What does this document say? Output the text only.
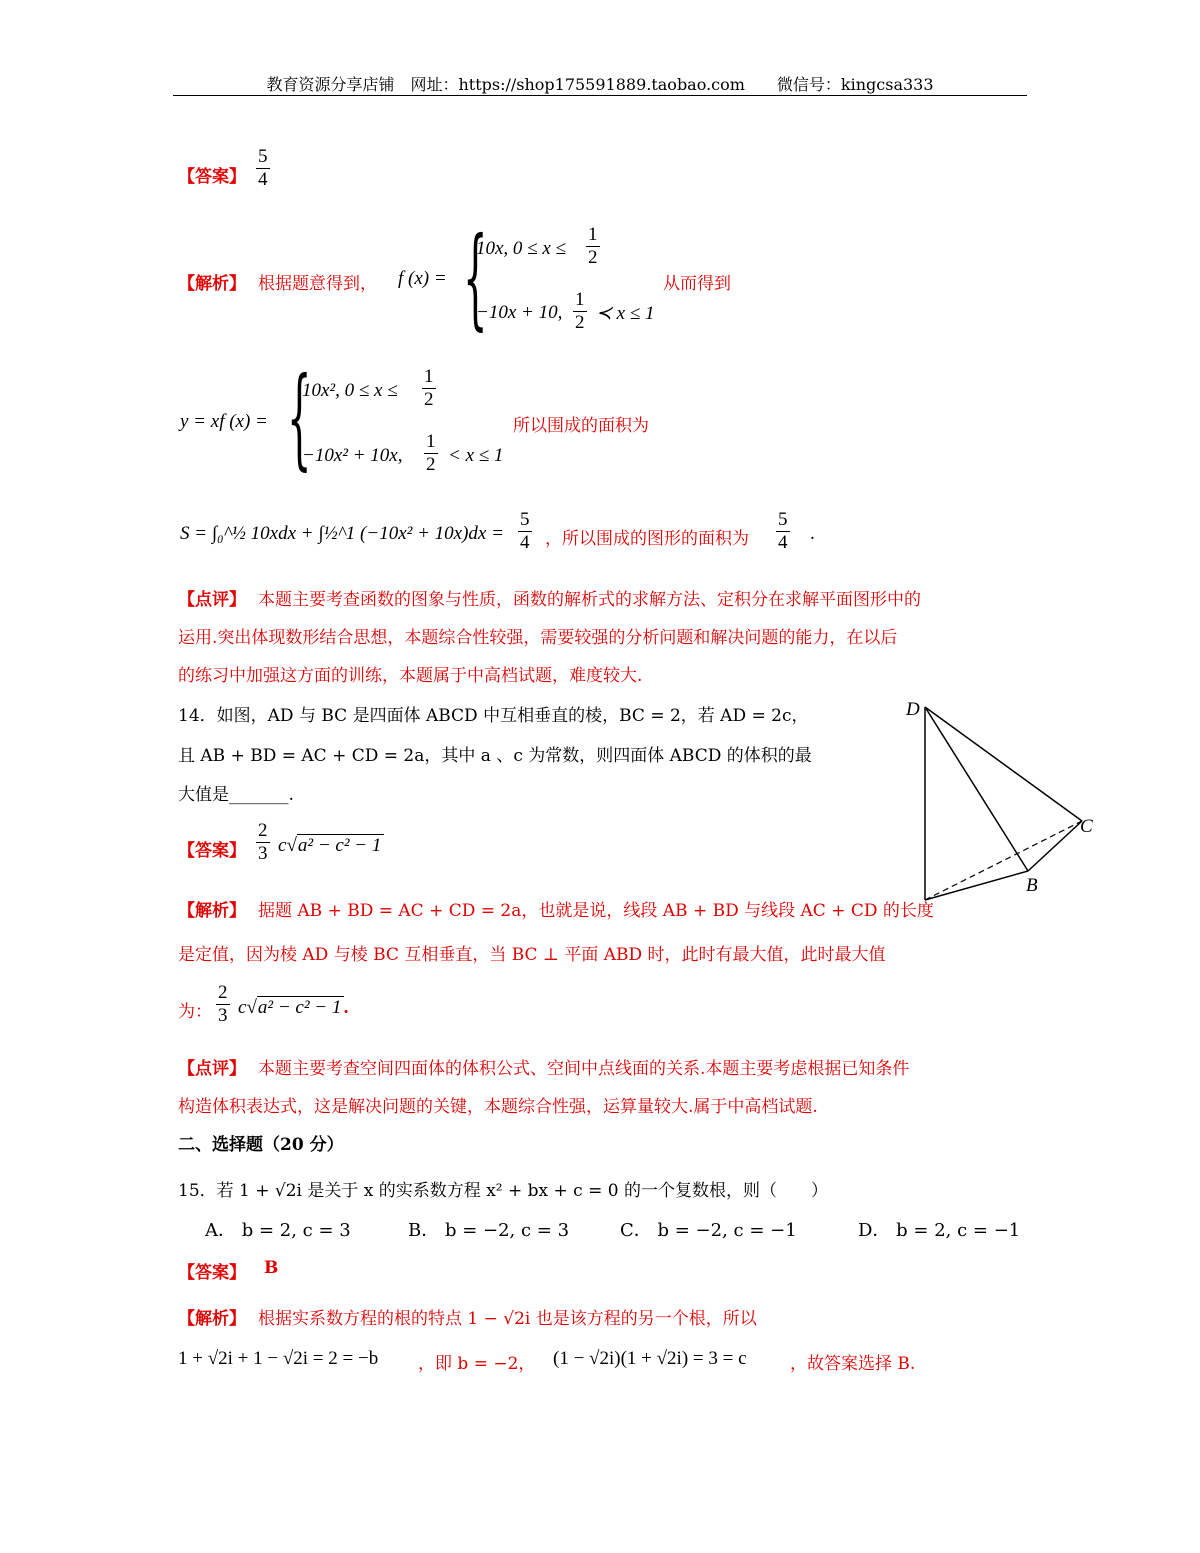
教育资源分享店铺　网址：https://shop175591889.taobao.com　　微信号：kingcsa333
【答案】 $\frac{5}{4}$
【解析】 根据题意得到， f (x) = {
10x, $0 \le x \le \frac{1}{2}$
−10x + 10, $\frac{1}{2}$ ≺ x ≤ 1
从而得到
y = xf (x) = {
10x², $0 \le x \le \frac{1}{2}$
−10x² + 10x, $\frac{1}{2} < x \le 1$
所以围成的面积为
S = ∫₀^½ 10xdx + ∫½^1 $(-10x^2 + 10x)dx = \frac{5}{4}$ ，所以围成的图形的面积为 $\frac{5}{4}$ .
【点评】 本题主要考查函数的图象与性质，函数的解析式的求解方法、定积分在求解平面图形中的
运用.突出体现数形结合思想，本题综合性较强，需要较强的分析问题和解决问题的能力，在以后
的练习中加强这方面的训练，本题属于中高档试题，难度较大.
14．如图，AD 与 BC 是四面体 ABCD 中互相垂直的棱，BC = 2，若 AD = 2c，
且 AB + BD = AC + CD = 2a，其中 a 、c 为常数，则四面体 ABCD 的体积的最
大值是_______.
D
C
B
【答案】 $\frac{2}{3} c√a^2 - c^2 - 1$
【解析】 据题 AB + BD = AC + CD = 2a，也就是说，线段 AB + BD 与线段 AC + CD 的长度
是定值，因为棱 AD 与棱 BC 互相垂直，当 BC ⊥ 平面 ABD 时，此时有最大值，此时最大值
为： $\frac{2}{3} c√a^2 - c^2 - 1$ .
【点评】 本题主要考查空间四面体的体积公式、空间中点线面的关系.本题主要考虑根据已知条件
构造体积表达式，这是解决问题的关键，本题综合性强，运算量较大.属于中高档试题.
二、选择题（20 分）
15．若 1 + √2i 是关于 x 的实系数方程 x² + bx + c = 0 的一个复数根，则（　　）
A． b = 2, c = 3	B． b = −2, c = 3	C． b = −2, c = −1	D． b = 2, c = −1
【答案】 B
【解析】 根据实系数方程的根的特点 1 − √2i 也是该方程的另一个根，所以
1 + √2i + 1 − √2i = 2 = −b ，即 b = −2， (1 − √2i)(1 + √2i) = 3 = c	，故答案选择 B.
